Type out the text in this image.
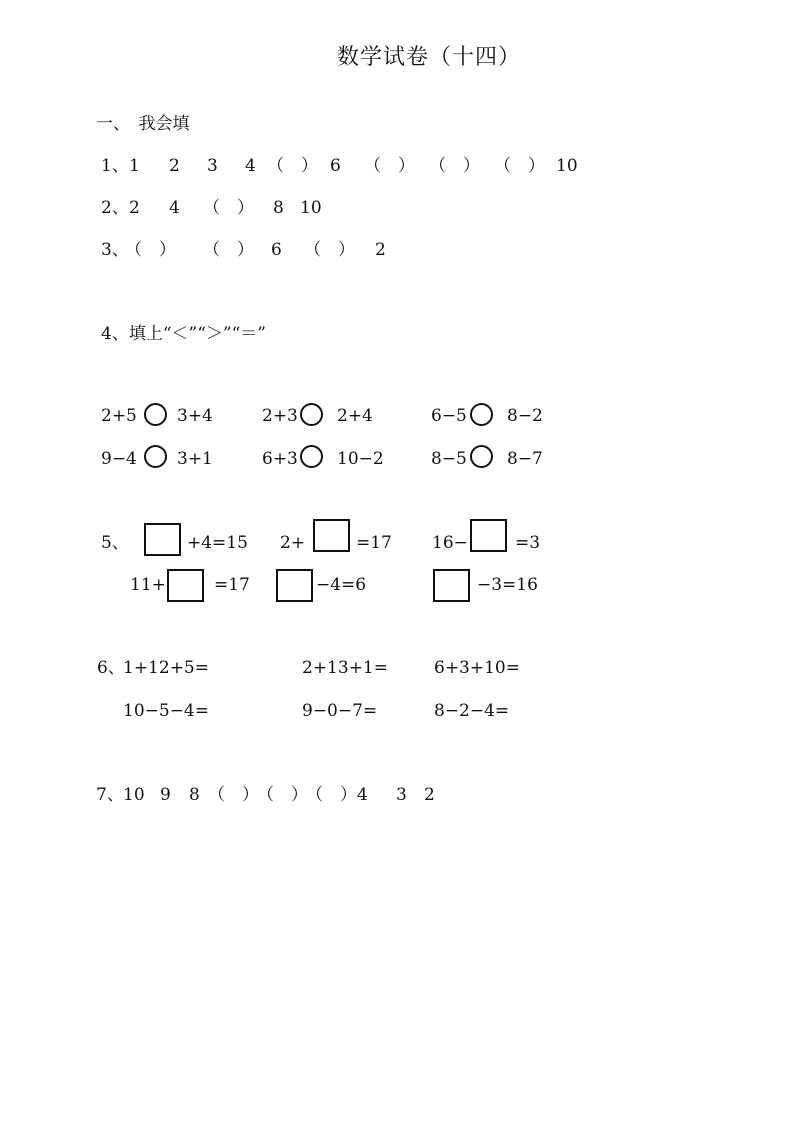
数学试卷（十四）
一、　我会填
1、 1 2 3 4 （　） 6 （　） （　） （　） 10
2、 2 4 （　） 8 10
3、
（　） （　） 6 （　） 2
4、填上“＜”“＞”“＝”
2+5 3+4	2+3 2+4	6−5 8−2
9−4 3+1	6+3 10−2	8−5 8−7
5、	+4=15 2+	=17 16−	=3
11+	=17	−4=6	−3=16
6、
1+12+5=	2+13+1=	6+3+10=
10−5−4=	9−0−7=	8−2−4=
7、 10 9 8 （　）
（　）
（　） 4 3 2
